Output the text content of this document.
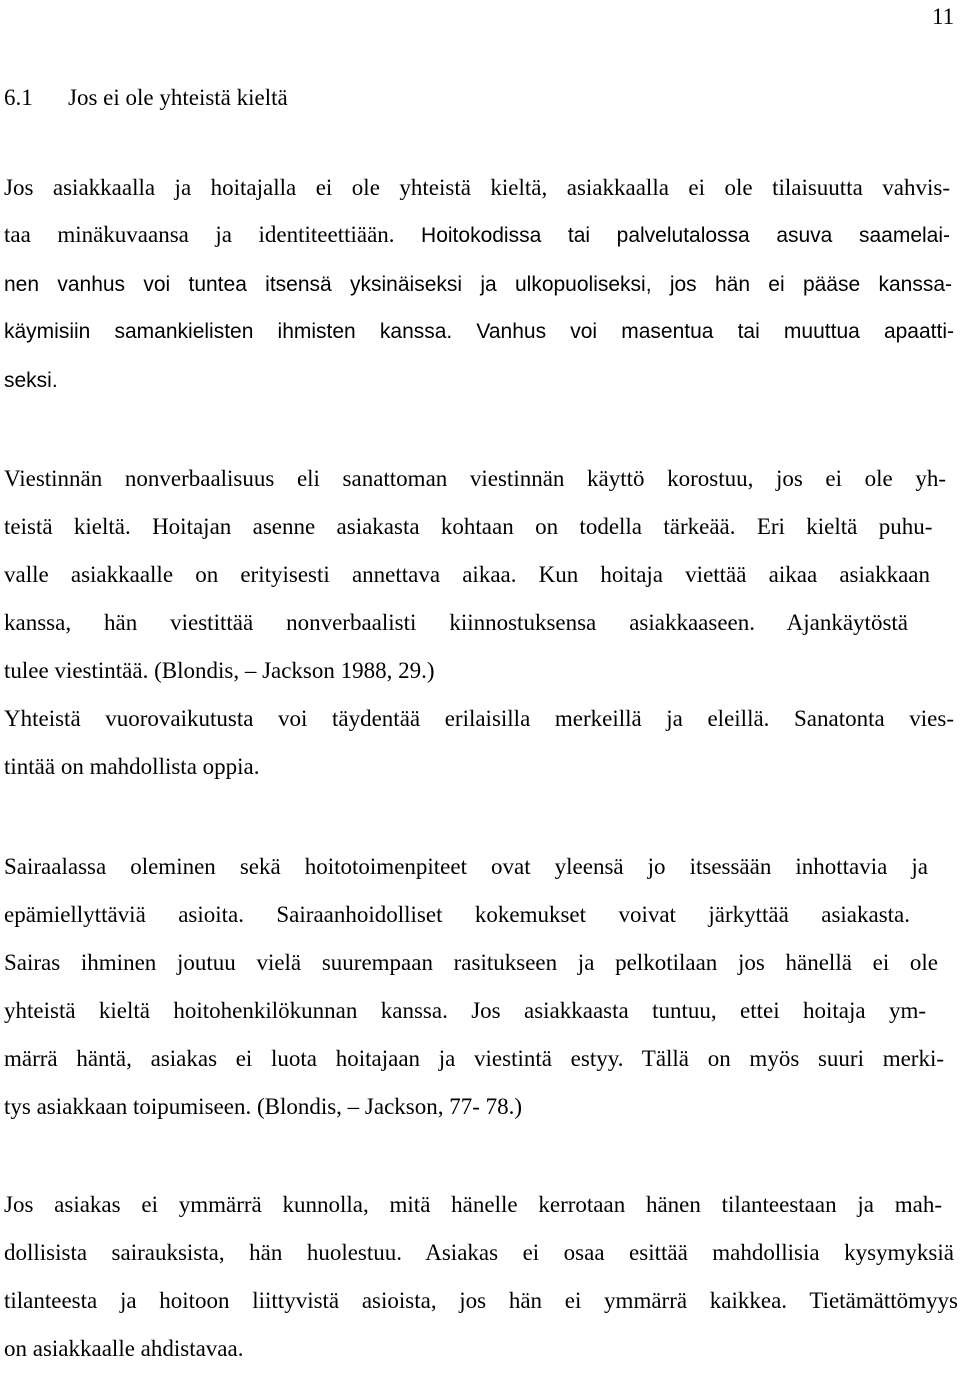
11
6.1 Jos ei ole yhteistä kieltä
Jos asiakkaalla ja hoitajalla ei ole yhteistä kieltä, asiakkaalla ei ole tilaisuutta vahvis-
taa minäkuvaansa ja identiteettiään. Hoitokodissa tai palvelutalossa asuva saamelai-
nen vanhus voi tuntea itsensä yksinäiseksi ja ulkopuoliseksi, jos hän ei pääse kanssa-
käymisiin samankielisten ihmisten kanssa. Vanhus voi masentua tai muuttua apaatti-
seksi.
Viestinnän nonverbaalisuus eli sanattoman viestinnän käyttö korostuu, jos ei ole yh-
teistä kieltä. Hoitajan asenne asiakasta kohtaan on todella tärkeää. Eri kieltä puhu-
valle asiakkaalle on erityisesti annettava aikaa. Kun hoitaja viettää aikaa asiakkaan
kanssa, hän viestittää nonverbaalisti kiinnostuksensa asiakkaaseen. Ajankäytöstä
tulee viestintää. (Blondis, – Jackson 1988, 29.)
Yhteistä vuorovaikutusta voi täydentää erilaisilla merkeillä ja eleillä. Sanatonta vies-
tintää on mahdollista oppia.
Sairaalassa oleminen sekä hoitotoimenpiteet ovat yleensä jo itsessään inhottavia ja
epämiellyttäviä asioita. Sairaanhoidolliset kokemukset voivat järkyttää asiakasta.
Sairas ihminen joutuu vielä suurempaan rasitukseen ja pelkotilaan jos hänellä ei ole
yhteistä kieltä hoitohenkilökunnan kanssa. Jos asiakkaasta tuntuu, ettei hoitaja ym-
märrä häntä, asiakas ei luota hoitajaan ja viestintä estyy. Tällä on myös suuri merki-
tys asiakkaan toipumiseen. (Blondis, – Jackson, 77- 78.)
Jos asiakas ei ymmärrä kunnolla, mitä hänelle kerrotaan hänen tilanteestaan ja mah-
dollisista sairauksista, hän huolestuu. Asiakas ei osaa esittää mahdollisia kysymyksiä
tilanteesta ja hoitoon liittyvistä asioista, jos hän ei ymmärrä kaikkea. Tietämättömyys
on asiakkaalle ahdistavaa.
